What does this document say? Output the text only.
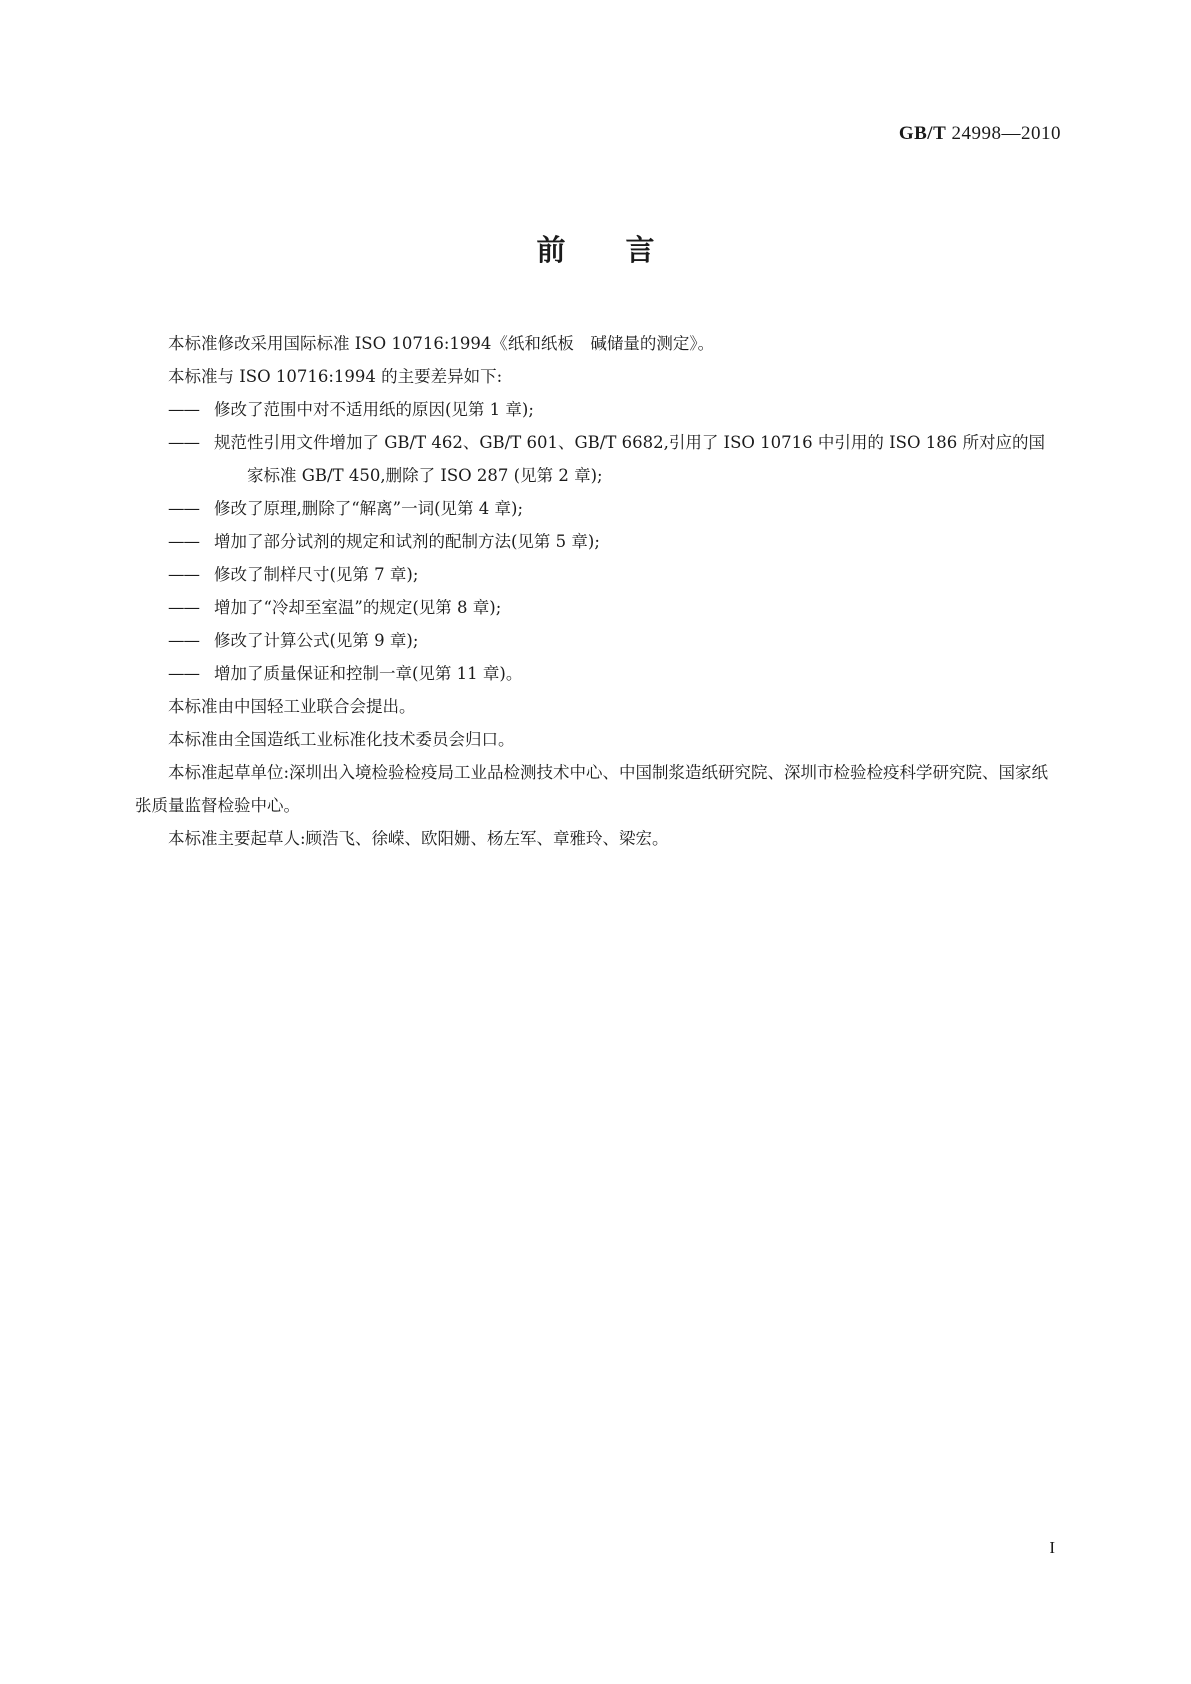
GB/T 24998—2010
前言
本标准修改采用国际标准 ISO 10716:1994《纸和纸板　碱储量的测定》。
本标准与 ISO 10716:1994 的主要差异如下:
—— 修改了范围中对不适用纸的原因(见第 1 章);
—— 规范性引用文件增加了 GB/T 462、GB/T 601、GB/T 6682,引用了 ISO 10716 中引用的 ISO 186 所对应的国家标准 GB/T 450,删除了 ISO 287 (见第 2 章);
—— 修改了原理,删除了“解离”一词(见第 4 章);
—— 增加了部分试剂的规定和试剂的配制方法(见第 5 章);
—— 修改了制样尺寸(见第 7 章);
—— 增加了“冷却至室温”的规定(见第 8 章);
—— 修改了计算公式(见第 9 章);
—— 增加了质量保证和控制一章(见第 11 章)。
本标准由中国轻工业联合会提出。
本标准由全国造纸工业标准化技术委员会归口。
本标准起草单位:深圳出入境检验检疫局工业品检测技术中心、中国制浆造纸研究院、深圳市检验检疫科学研究院、国家纸张质量监督检验中心。
本标准主要起草人:顾浩飞、徐嵘、欧阳姗、杨左军、章雅玲、梁宏。
I
